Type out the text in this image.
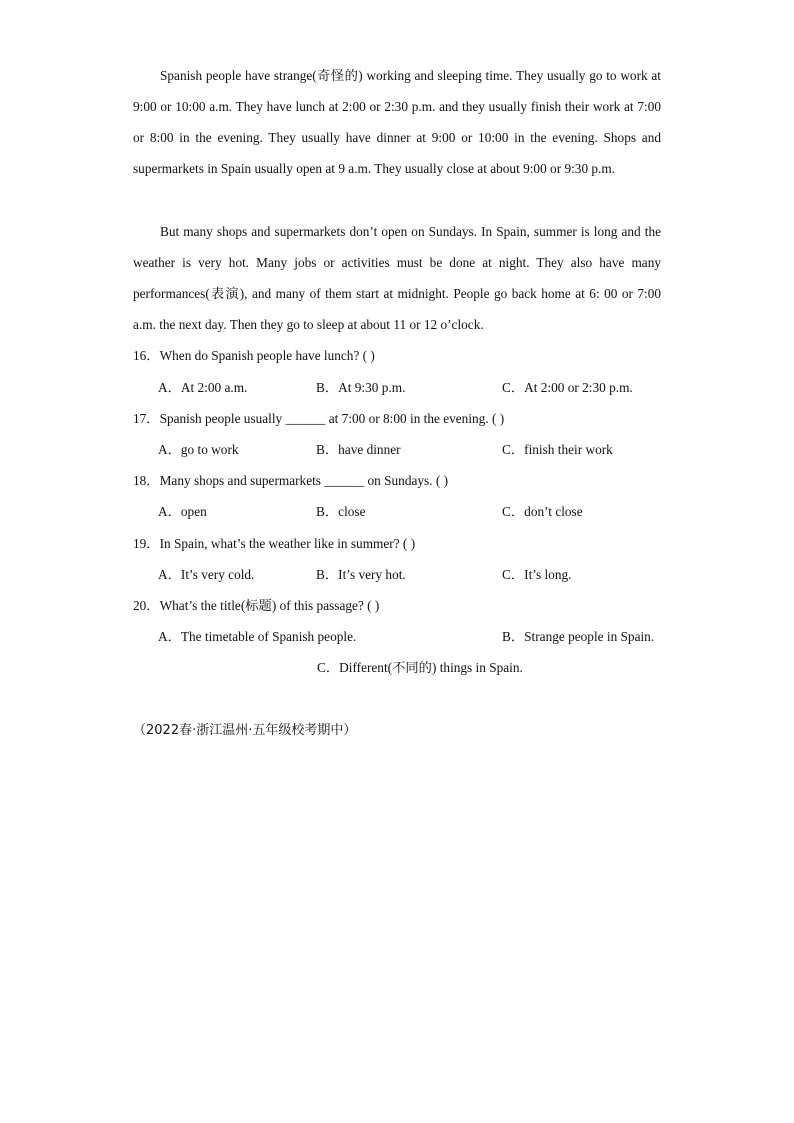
Spanish people have strange(奇怪的) working and sleeping time. They usually go to work at 9:00 or 10:00 a.m. They have lunch at 2:00 or 2:30 p.m. and they usually finish their work at 7:00 or 8:00 in the evening. They usually have dinner at 9:00 or 10:00 in the evening. Shops and supermarkets in Spain usually open at 9 a.m. They usually close at about 9:00 or 9:30 p.m.

But many shops and supermarkets don’t open on Sundays. In Spain, summer is long and the weather is very hot. Many jobs or activities must be done at night. They also have many performances(表演), and many of them start at midnight. People go back home at 6: 00 or 7:00 a.m. the next day. Then they go to sleep at about 11 or 12 o’clock.

16．When do Spanish people have lunch? ( )
A．At 2:00 a.m.	B．At 9:30 p.m.	C．At 2:00 or 2:30 p.m.
17．Spanish people usually ______ at 7:00 or 8:00 in the evening. ( )
A．go to work	B．have dinner	C．finish their work
18．Many shops and supermarkets ______ on Sundays. ( )
A．open	B．close	C．don’t close
19．In Spain, what’s the weather like in summer? ( )
A．It’s very cold.	B．It’s very hot.	C．It’s long.
20．What’s the title(标题) of this passage? ( )
A．The timetable of Spanish people.	B．Strange people in Spain.
C．Different(不同的) things in Spain.
（2022春·浙江温州·五年级校考期中）
